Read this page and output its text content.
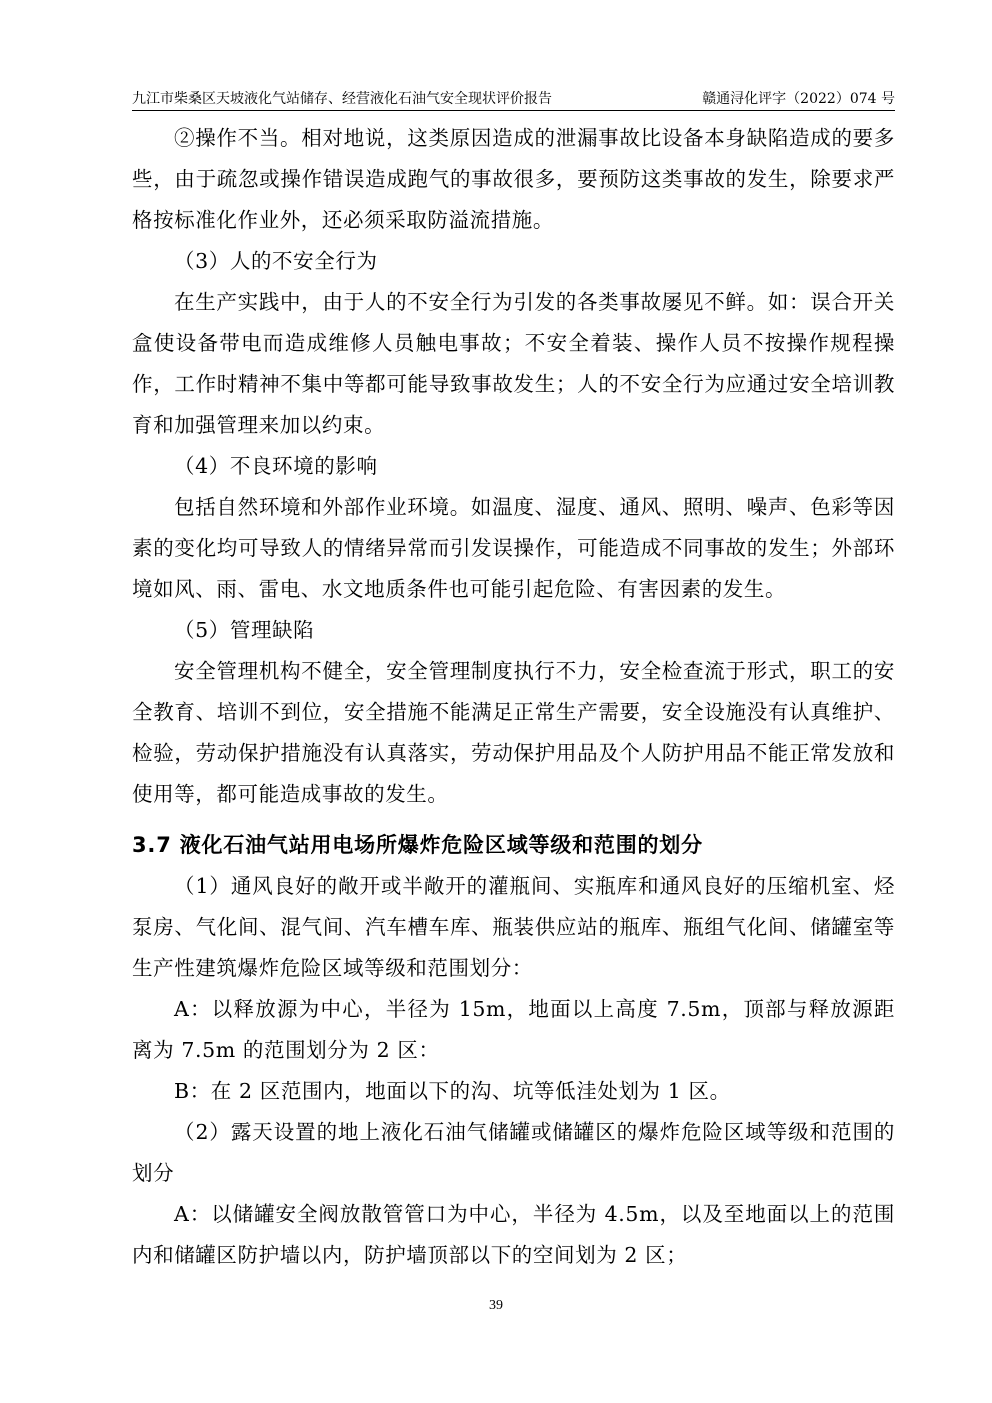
九江市柴桑区天坡液化气站储存、经营液化石油气安全现状评价报告	赣通浔化评字（2022）074 号

②操作不当。相对地说，这类原因造成的泄漏事故比设备本身缺陷造成的要多些，由于疏忽或操作错误造成跑气的事故很多，要预防这类事故的发生，除要求严格按标准化作业外，还必须采取防溢流措施。

（3）人的不安全行为

在生产实践中，由于人的不安全行为引发的各类事故屡见不鲜。如：误合开关盒使设备带电而造成维修人员触电事故；不安全着装、操作人员不按操作规程操作，工作时精神不集中等都可能导致事故发生；人的不安全行为应通过安全培训教育和加强管理来加以约束。

（4）不良环境的影响

包括自然环境和外部作业环境。如温度、湿度、通风、照明、噪声、色彩等因素的变化均可导致人的情绪异常而引发误操作，可能造成不同事故的发生；外部环境如风、雨、雷电、水文地质条件也可能引起危险、有害因素的发生。

（5）管理缺陷

安全管理机构不健全，安全管理制度执行不力，安全检查流于形式，职工的安全教育、培训不到位，安全措施不能满足正常生产需要，安全设施没有认真维护、检验，劳动保护措施没有认真落实，劳动保护用品及个人防护用品不能正常发放和使用等，都可能造成事故的发生。

3.7 液化石油气站用电场所爆炸危险区域等级和范围的划分

（1）通风良好的敞开或半敞开的灌瓶间、实瓶库和通风良好的压缩机室、烃泵房、气化间、混气间、汽车槽车库、瓶装供应站的瓶库、瓶组气化间、储罐室等生产性建筑爆炸危险区域等级和范围划分：

A：以释放源为中心，半径为 15m，地面以上高度 7.5m，顶部与释放源距离为 7.5m 的范围划分为 2 区：

B：在 2 区范围内，地面以下的沟、坑等低洼处划为 1 区。

（2）露天设置的地上液化石油气储罐或储罐区的爆炸危险区域等级和范围的划分

A：以储罐安全阀放散管管口为中心，半径为 4.5m，以及至地面以上的范围内和储罐区防护墙以内，防护墙顶部以下的空间划为 2 区；

39
